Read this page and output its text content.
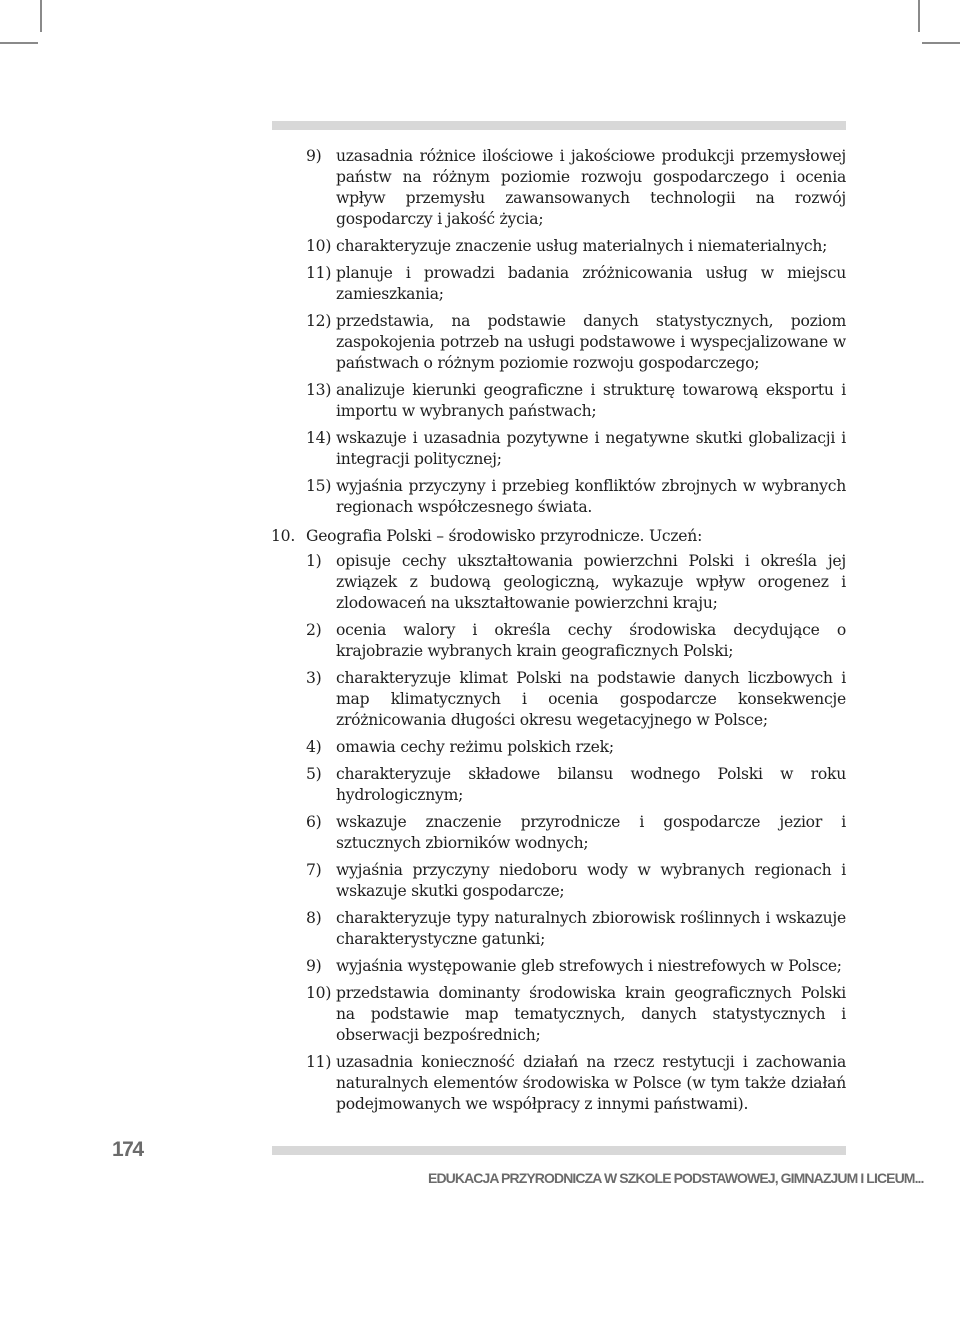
9) uzasadnia różnice ilościowe i jakościowe produkcji przemysłowej państw na różnym poziomie rozwoju gospodarczego i ocenia wpływ przemysłu zawansowanych technologii na rozwój gospodarczy i jakość życia;
10) charakteryzuje znaczenie usług materialnych i niematerialnych;
11) planuje i prowadzi badania zróżnicowania usług w miejscu zamieszkania;
12) przedstawia, na podstawie danych statystycznych, poziom zaspokojenia potrzeb na usługi podstawowe i wyspecjalizowane w państwach o różnym poziomie rozwoju gospodarczego;
13) analizuje kierunki geograficzne i strukturę towarową eksportu i importu w wybranych państwach;
14) wskazuje i uzasadnia pozytywne i negatywne skutki globalizacji i integracji politycznej;
15) wyjaśnia przyczyny i przebieg konfliktów zbrojnych w wybranych regionach współczesnego świata.
10. Geografia Polski – środowisko przyrodnicze. Uczeń:
1) opisuje cechy ukształtowania powierzchni Polski i określa jej związek z budową geologiczną, wykazuje wpływ orogenez i zlodowaceń na ukształtowanie powierzchni kraju;
2) ocenia walory i określa cechy środowiska decydujące o krajobrazie wybranych krain geograficznych Polski;
3) charakteryzuje klimat Polski na podstawie danych liczbowych i map klimatycznych i ocenia gospodarcze konsekwencje zróżnicowania długości okresu wegetacyjnego w Polsce;
4) omawia cechy reżimu polskich rzek;
5) charakteryzuje składowe bilansu wodnego Polski w roku hydrologicznym;
6) wskazuje znaczenie przyrodnicze i gospodarcze jezior i sztucznych zbiorników wodnych;
7) wyjaśnia przyczyny niedoboru wody w wybranych regionach i wskazuje skutki gospodarcze;
8) charakteryzuje typy naturalnych zbiorowisk roślinnych i wskazuje charakterystyczne gatunki;
9) wyjaśnia występowanie gleb strefowych i niestrefowych w Polsce;
10) przedstawia dominanty środowiska krain geograficznych Polski na podstawie map tematycznych, danych statystycznych i obserwacji bezpośrednich;
11) uzasadnia konieczność działań na rzecz restytucji i zachowania naturalnych elementów środowiska w Polsce (w tym także działań podejmowanych we współpracy z innymi państwami).
174
EDUKACJA PRZYRODNICZA W SZKOLE PODSTAWOWEJ, GIMNAZJUM I LICEUM...
